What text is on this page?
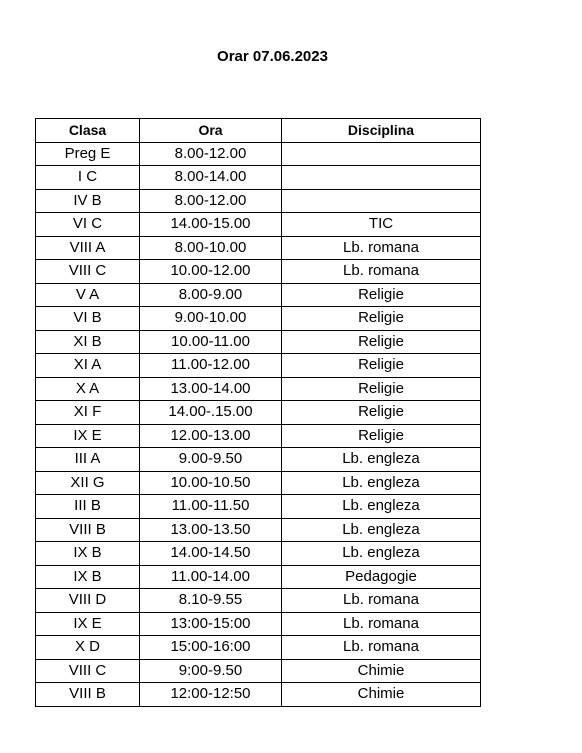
Orar 07.06.2023
Clasa	Ora	Disciplina
Preg E	8.00-12.00	
I C	8.00-14.00	
IV B	8.00-12.00	
VI C	14.00-15.00	TIC
VIII A	8.00-10.00	Lb. romana
VIII C	10.00-12.00	Lb. romana
V A	8.00-9.00	Religie
VI B	9.00-10.00	Religie
XI B	10.00-11.00	Religie
XI A	11.00-12.00	Religie
X A	13.00-14.00	Religie
XI F	14.00-.15.00	Religie
IX E	12.00-13.00	Religie
III A	9.00-9.50	Lb. engleza
XII G	10.00-10.50	Lb. engleza
III B	11.00-11.50	Lb. engleza
VIII B	13.00-13.50	Lb. engleza
IX B	14.00-14.50	Lb. engleza
IX B	11.00-14.00	Pedagogie
VIII D	8.10-9.55	Lb. romana
IX E	13:00-15:00	Lb. romana
X D	15:00-16:00	Lb. romana
VIII C	9:00-9.50	Chimie
VIII B	12:00-12:50	Chimie
